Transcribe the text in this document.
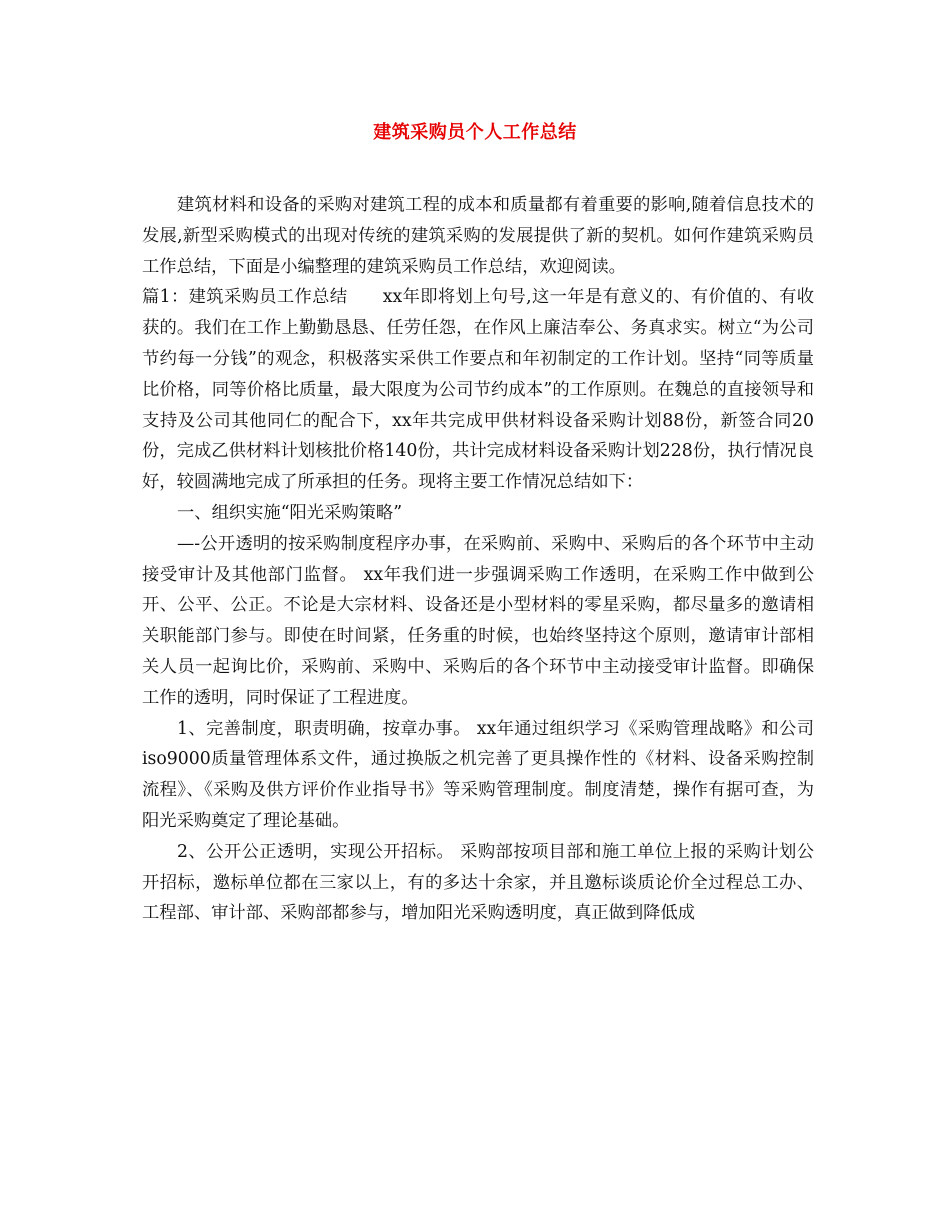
建筑采购员个人工作总结

建筑材料和设备的采购对建筑工程的成本和质量都有着重要的影响,随着信息技术的发展,新型采购模式的出现对传统的建筑采购的发展提供了新的契机。如何作建筑采购员工作总结，下面是小编整理的建筑采购员工作总结，欢迎阅读。

篇1：建筑采购员工作总结　　xx年即将划上句号,这一年是有意义的、有价值的、有收获的。我们在工作上勤勤恳恳、任劳任怨，在作风上廉洁奉公、务真求实。树立“为公司节约每一分钱”的观念，积极落实采供工作要点和年初制定的工作计划。坚持“同等质量比价格，同等价格比质量，最大限度为公司节约成本”的工作原则。在魏总的直接领导和支持及公司其他同仁的配合下，xx年共完成甲供材料设备采购计划88份，新签合同20份，完成乙供材料计划核批价格140份，共计完成材料设备采购计划228份，执行情况良好，较圆满地完成了所承担的任务。现将主要工作情况总结如下：

一、组织实施“阳光采购策略”

—-公开透明的按采购制度程序办事，在采购前、采购中、采购后的各个环节中主动接受审计及其他部门监督。 xx年我们进一步强调采购工作透明，在采购工作中做到公开、公平、公正。不论是大宗材料、设备还是小型材料的零星采购，都尽量多的邀请相关职能部门参与。即使在时间紧，任务重的时候，也始终坚持这个原则，邀请审计部相关人员一起询比价，采购前、采购中、采购后的各个环节中主动接受审计监督。即确保工作的透明，同时保证了工程进度。

1、完善制度，职责明确，按章办事。 xx年通过组织学习《采购管理战略》和公司iso9000质量管理体系文件，通过换版之机完善了更具操作性的《材料、设备采购控制流程》、《采购及供方评价作业指导书》等采购管理制度。制度清楚，操作有据可查，为阳光采购奠定了理论基础。

2、公开公正透明，实现公开招标。 采购部按项目部和施工单位上报的采购计划公开招标，邀标单位都在三家以上，有的多达十余家，并且邀标谈质论价全过程总工办、工程部、审计部、采购部都参与，增加阳光采购透明度，真正做到降低成
